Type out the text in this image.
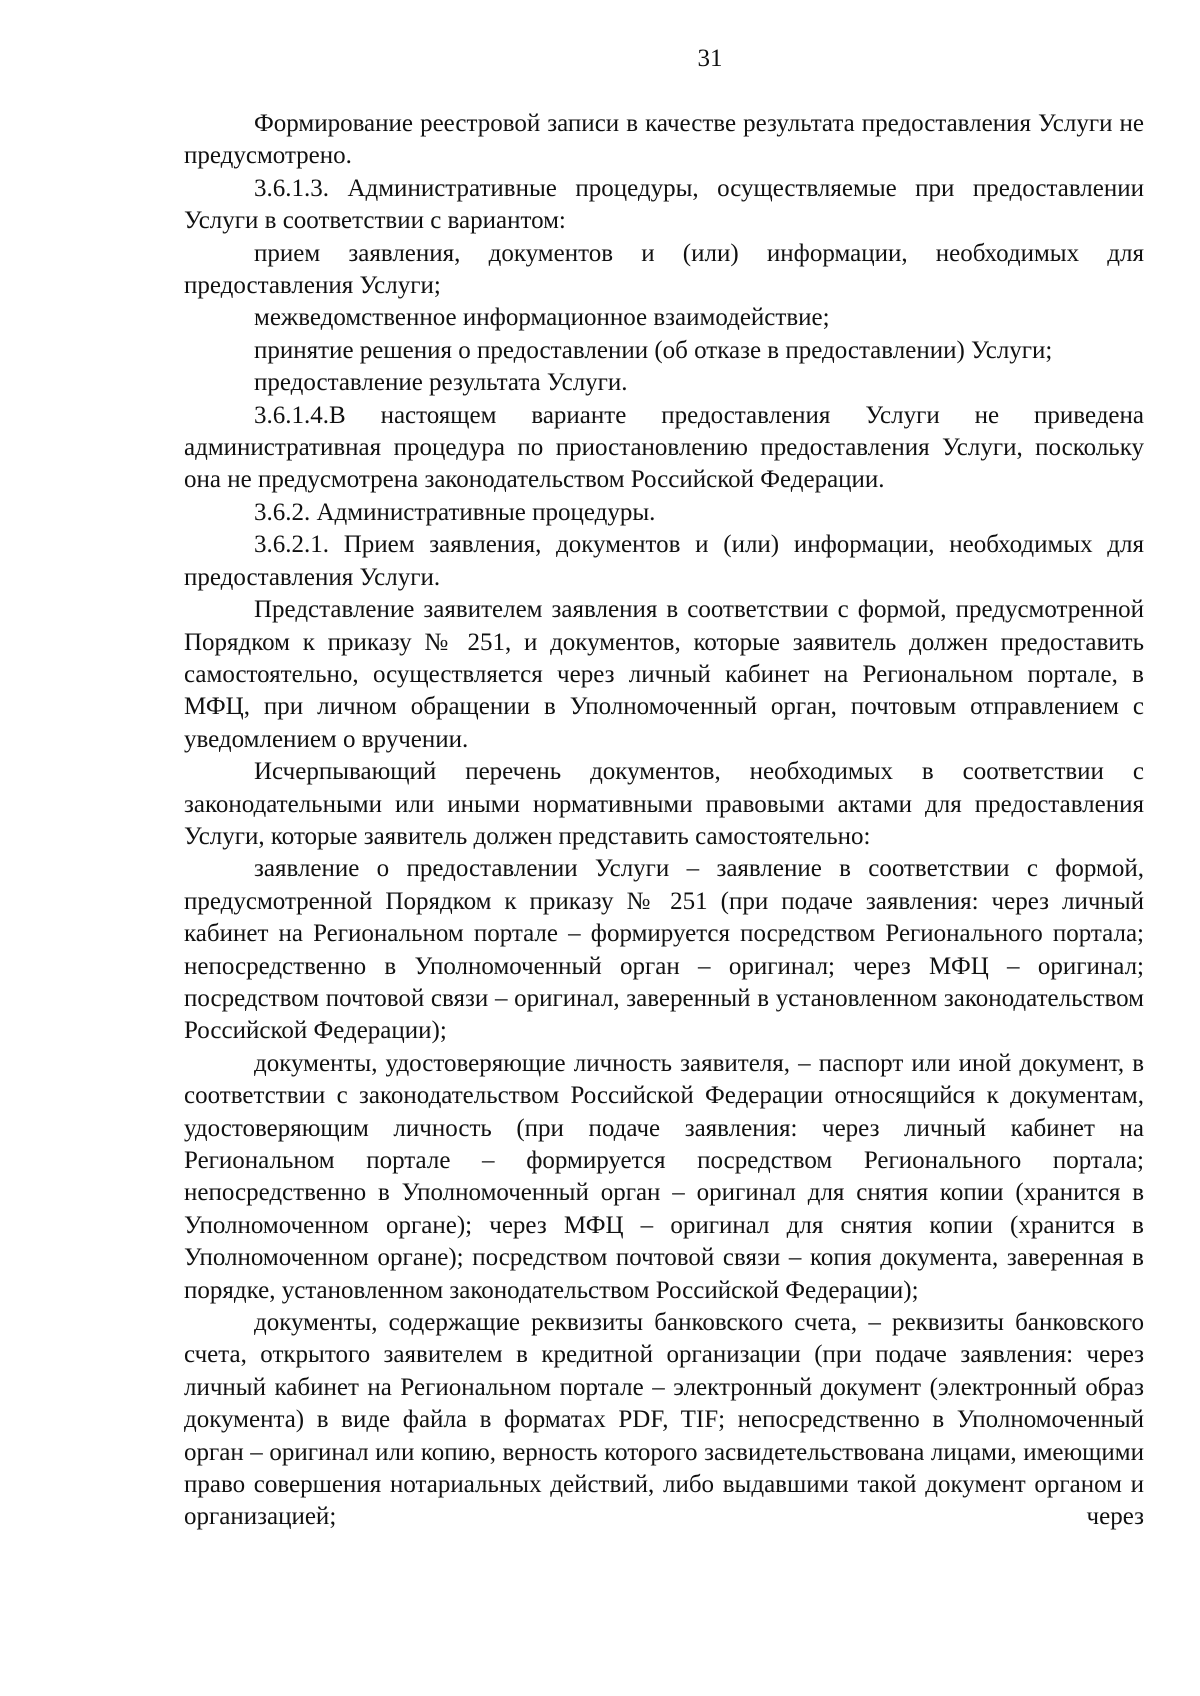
31

Формирование реестровой записи в качестве результата предоставления Услуги не предусмотрено.

3.6.1.3. Административные процедуры, осуществляемые при предоставлении Услуги в соответствии с вариантом:

прием заявления, документов и (или) информации, необходимых для предоставления Услуги;

межведомственное информационное взаимодействие;

принятие решения о предоставлении (об отказе в предоставлении) Услуги;

предоставление результата Услуги.

3.6.1.4.В настоящем варианте предоставления Услуги не приведена административная процедура по приостановлению предоставления Услуги, поскольку она не предусмотрена законодательством Российской Федерации.

3.6.2. Административные процедуры.

3.6.2.1. Прием заявления, документов и (или) информации, необходимых для предоставления Услуги.

Представление заявителем заявления в соответствии с формой, предусмотренной Порядком к приказу № 251, и документов, которые заявитель должен предоставить самостоятельно, осуществляется через личный кабинет на Региональном портале, в МФЦ, при личном обращении в Уполномоченный орган, почтовым отправлением с уведомлением о вручении.

Исчерпывающий перечень документов, необходимых в соответствии с законодательными или иными нормативными правовыми актами для предоставления Услуги, которые заявитель должен представить самостоятельно:

заявление о предоставлении Услуги – заявление в соответствии с формой, предусмотренной Порядком к приказу № 251 (при подаче заявления: через личный кабинет на Региональном портале – формируется посредством Регионального портала; непосредственно в Уполномоченный орган – оригинал; через МФЦ – оригинал; посредством почтовой связи – оригинал, заверенный в установленном законодательством Российской Федерации);

документы, удостоверяющие личность заявителя, – паспорт или иной документ, в соответствии с законодательством Российской Федерации относящийся к документам, удостоверяющим личность (при подаче заявления: через личный кабинет на Региональном портале – формируется посредством Регионального портала; непосредственно в Уполномоченный орган – оригинал для снятия копии (хранится в Уполномоченном органе); через МФЦ – оригинал для снятия копии (хранится в Уполномоченном органе); посредством почтовой связи – копия документа, заверенная в порядке, установленном законодательством Российской Федерации);

документы, содержащие реквизиты банковского счета, – реквизиты банковского счета, открытого заявителем в кредитной организации (при подаче заявления: через личный кабинет на Региональном портале – электронный документ (электронный образ документа) в виде файла в форматах PDF, TIF; непосредственно в Уполномоченный орган – оригинал или копию, верность которого засвидетельствована лицами, имеющими право совершения нотариальных действий, либо выдавшими такой документ органом и организацией; через
